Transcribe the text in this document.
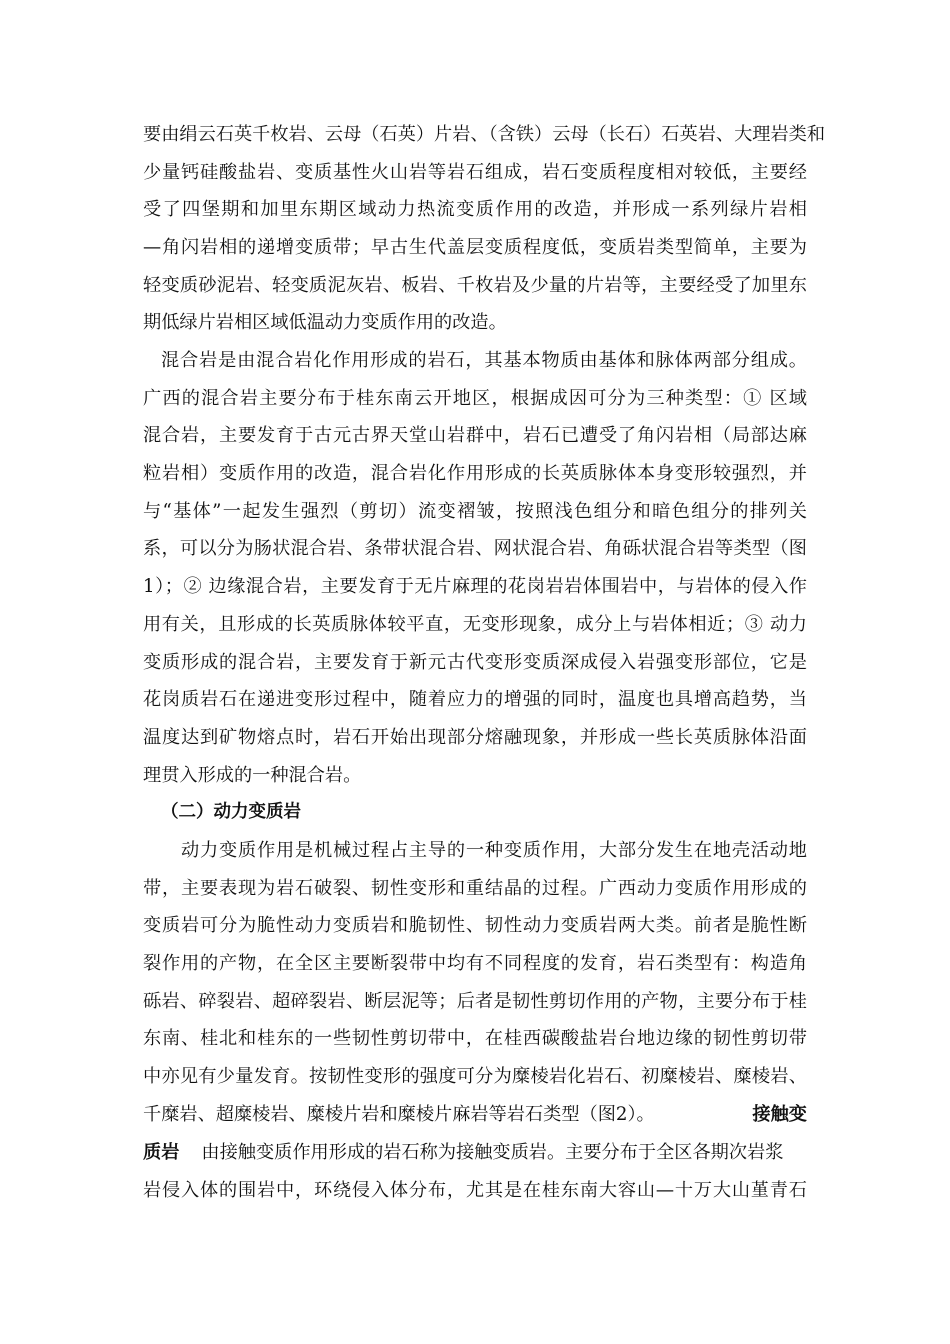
要由绢云石英千枚岩、云母（石英）片岩、（含铁）云母（长石）石英岩、大理岩类和
少量钙硅酸盐岩、变质基性火山岩等岩石组成，岩石变质程度相对较低，主要经
受了四堡期和加里东期区域动力热流变质作用的改造，并形成一系列绿片岩相
—角闪岩相的递增变质带；早古生代盖层变质程度低，变质岩类型简单，主要为
轻变质砂泥岩、轻变质泥灰岩、板岩、千枚岩及少量的片岩等，主要经受了加里东
期低绿片岩相区域低温动力变质作用的改造。
混合岩是由混合岩化作用形成的岩石，其基本物质由基体和脉体两部分组成。
广西的混合岩主要分布于桂东南云开地区，根据成因可分为三种类型：① 区域
混合岩，主要发育于古元古界天堂山岩群中，岩石已遭受了角闪岩相（局部达麻
粒岩相）变质作用的改造，混合岩化作用形成的长英质脉体本身变形较强烈，并
与“基体”一起发生强烈（剪切）流变褶皱，按照浅色组分和暗色组分的排列关
系，可以分为肠状混合岩、条带状混合岩、网状混合岩、角砾状混合岩等类型（图
1）；② 边缘混合岩，主要发育于无片麻理的花岗岩岩体围岩中，与岩体的侵入作
用有关，且形成的长英质脉体较平直，无变形现象，成分上与岩体相近；③ 动力
变质形成的混合岩，主要发育于新元古代变形变质深成侵入岩强变形部位，它是
花岗质岩石在递进变形过程中，随着应力的增强的同时，温度也具增高趋势，当
温度达到矿物熔点时，岩石开始出现部分熔融现象，并形成一些长英质脉体沿面
理贯入形成的一种混合岩。
（二）动力变质岩
动力变质作用是机械过程占主导的一种变质作用，大部分发生在地壳活动地
带，主要表现为岩石破裂、韧性变形和重结晶的过程。广西动力变质作用形成的
变质岩可分为脆性动力变质岩和脆韧性、韧性动力变质岩两大类。前者是脆性断
裂作用的产物，在全区主要断裂带中均有不同程度的发育，岩石类型有：构造角
砾岩、碎裂岩、超碎裂岩、断层泥等；后者是韧性剪切作用的产物，主要分布于桂
东南、桂北和桂东的一些韧性剪切带中，在桂西碳酸盐岩台地边缘的韧性剪切带
中亦见有少量发育。按韧性变形的强度可分为糜棱岩化岩石、初糜棱岩、糜棱岩、
千糜岩、超糜棱岩、糜棱片岩和糜棱片麻岩等岩石类型（图2）。	接触变
质岩 由接触变质作用形成的岩石称为接触变质岩。主要分布于全区各期次岩浆
岩侵入体的围岩中，环绕侵入体分布，尤其是在桂东南大容山—十万大山堇青石
